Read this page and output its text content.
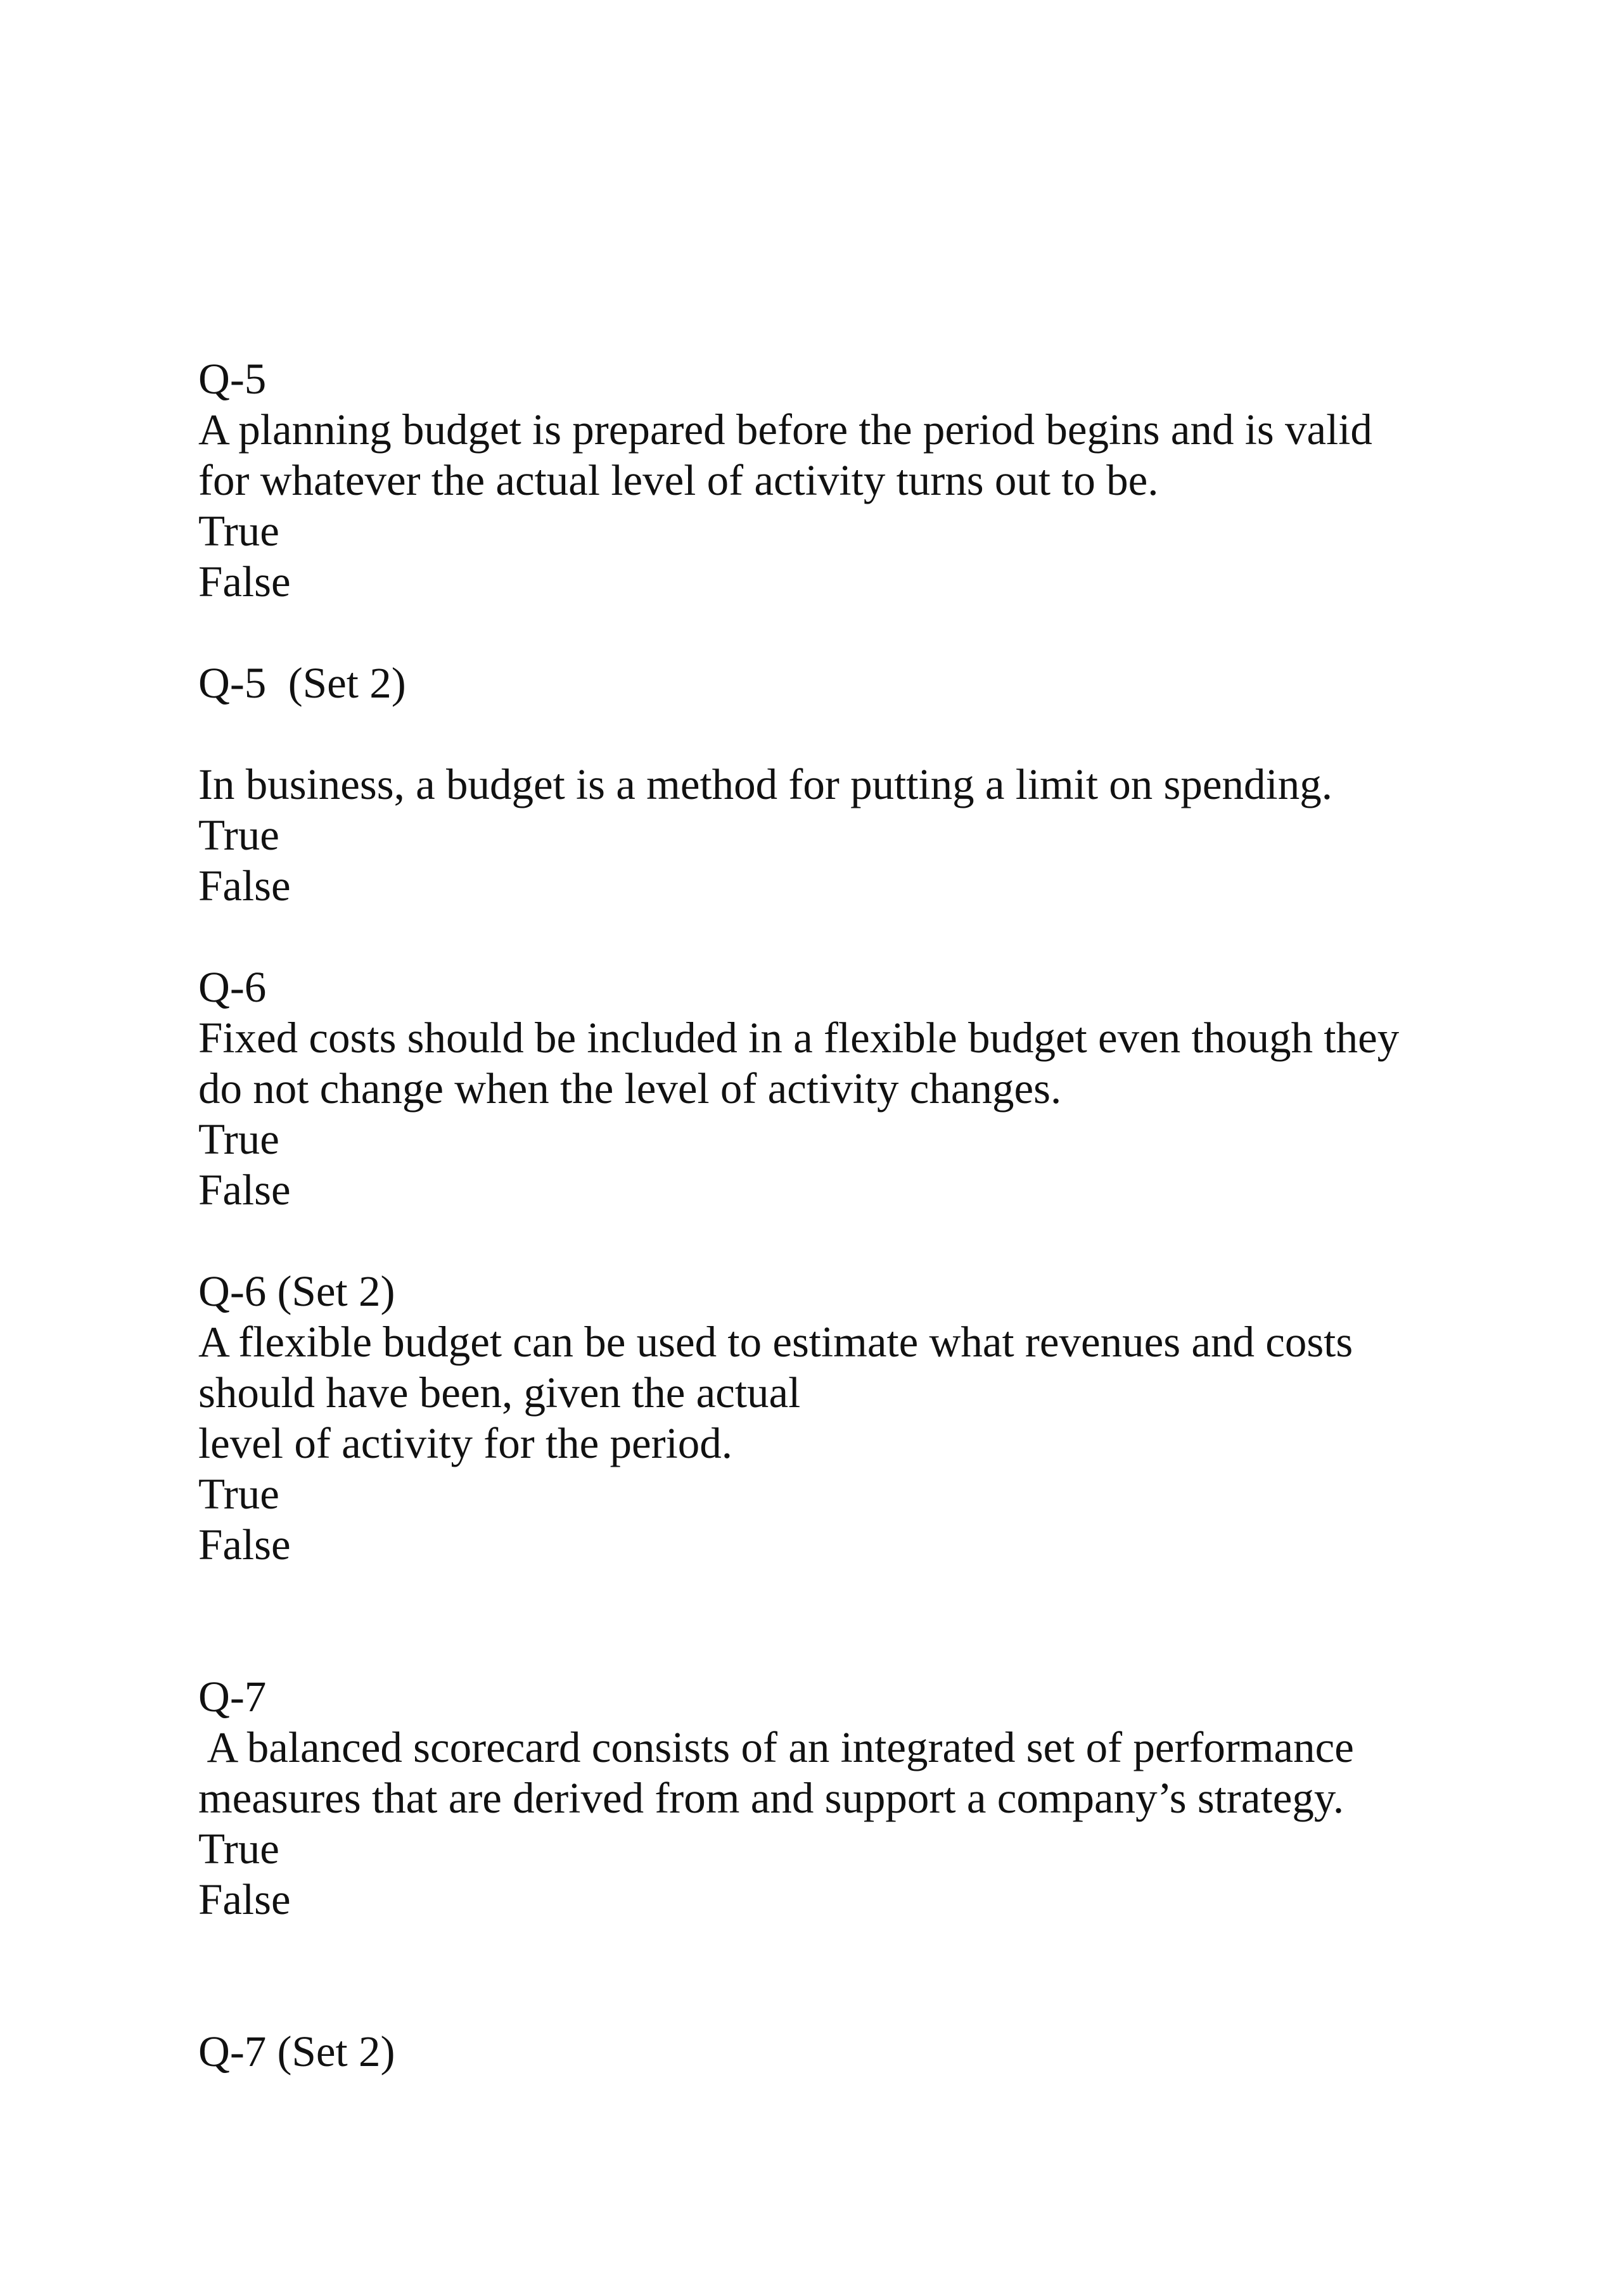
Q-5
A planning budget is prepared before the period begins and is valid
for whatever the actual level of activity turns out to be.
True
False
Q-5  (Set 2)
In business, a budget is a method for putting a limit on spending.
True
False
Q-6
Fixed costs should be included in a flexible budget even though they
do not change when the level of activity changes.
True
False
Q-6 (Set 2)
A flexible budget can be used to estimate what revenues and costs
should have been, given the actual
level of activity for the period.
True
False
Q-7
A balanced scorecard consists of an integrated set of performance
measures that are derived from and support a company’s strategy.
True
False
Q-7 (Set 2)
